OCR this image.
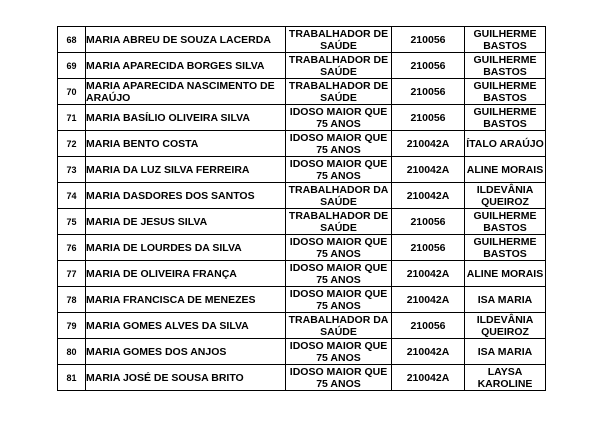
68	MARIA ABREU DE SOUZA LACERDA	TRABALHADOR DE SAÚDE	210056	GUILHERME BASTOS
69	MARIA APARECIDA BORGES SILVA	TRABALHADOR DE SAÚDE	210056	GUILHERME BASTOS
70	MARIA APARECIDA NASCIMENTO DE ARAÚJO	TRABALHADOR DE SAÚDE	210056	GUILHERME BASTOS
71	MARIA BASÍLIO OLIVEIRA SILVA	IDOSO MAIOR QUE 75 ANOS	210056	GUILHERME BASTOS
72	MARIA BENTO COSTA	IDOSO MAIOR QUE 75 ANOS	210042A	ÍTALO ARAÚJO
73	MARIA DA LUZ SILVA FERREIRA	IDOSO MAIOR QUE 75 ANOS	210042A	ALINE MORAIS
74	MARIA DASDORES DOS SANTOS	TRABALHADOR DA SAÚDE	210042A	ILDEVÂNIA QUEIROZ
75	MARIA DE JESUS SILVA	TRABALHADOR DE SAÚDE	210056	GUILHERME BASTOS
76	MARIA DE LOURDES DA SILVA	IDOSO MAIOR QUE 75 ANOS	210056	GUILHERME BASTOS
77	MARIA DE OLIVEIRA FRANÇA	IDOSO MAIOR QUE 75 ANOS	210042A	ALINE MORAIS
78	MARIA FRANCISCA DE MENEZES	IDOSO MAIOR QUE 75 ANOS	210042A	ISA MARIA
79	MARIA GOMES ALVES DA SILVA	TRABALHADOR DA SAÚDE	210056	ILDEVÂNIA QUEIROZ
80	MARIA GOMES DOS ANJOS	IDOSO MAIOR QUE 75 ANOS	210042A	ISA MARIA
81	MARIA JOSÉ DE SOUSA BRITO	IDOSO MAIOR QUE 75 ANOS	210042A	LAYSA KAROLINE
